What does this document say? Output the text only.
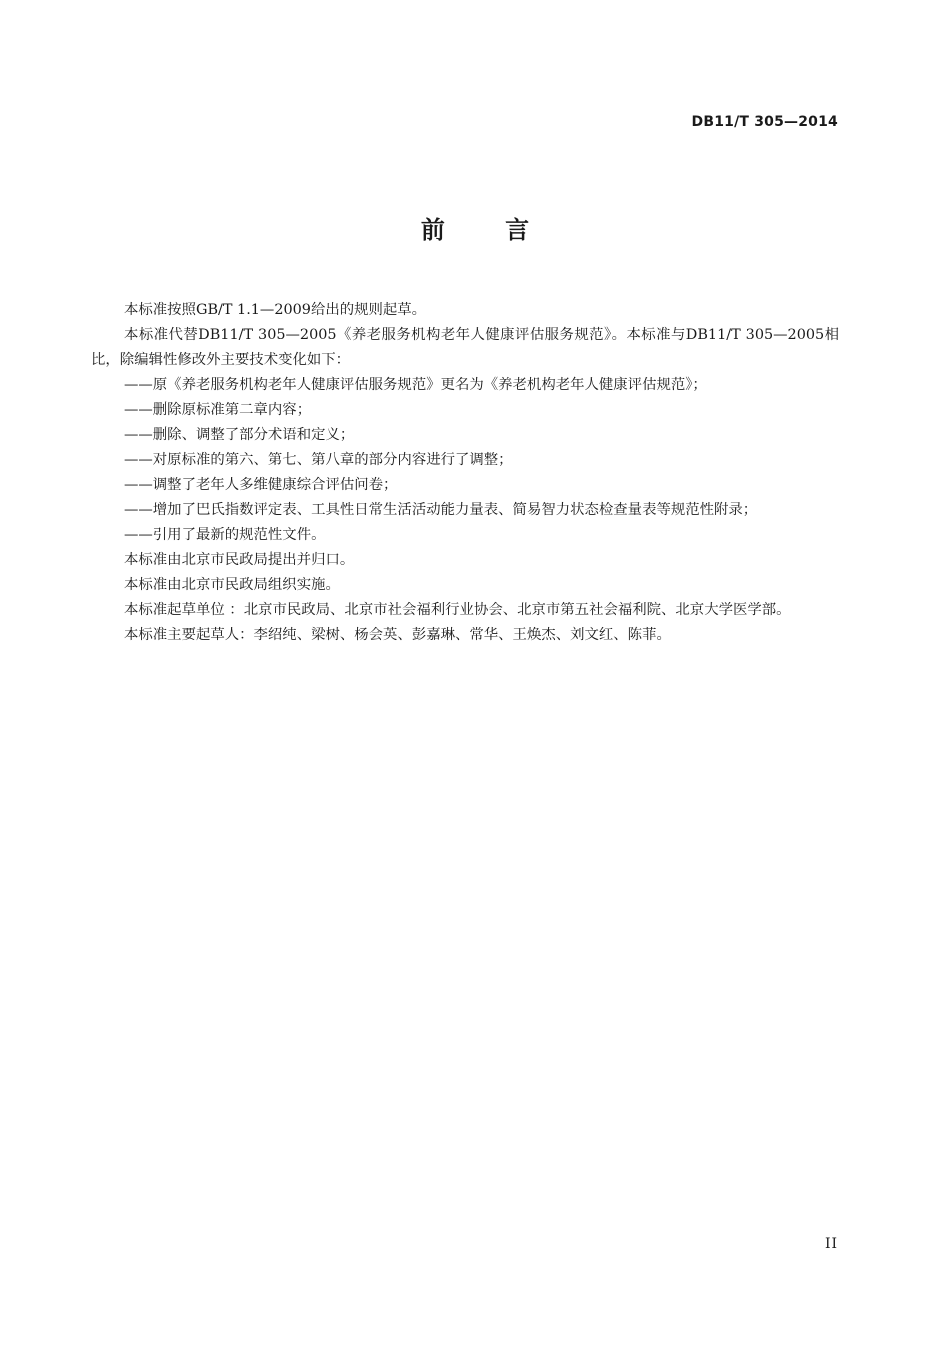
DB11/T 305—2014
前 言

本标准按照GB/T 1.1—2009给出的规则起草。

本标准代替DB11/T 305—2005《养老服务机构老年人健康评估服务规范》。本标准与DB11/T 305—2005相比，除编辑性修改外主要技术变化如下：

——原《养老服务机构老年人健康评估服务规范》更名为《养老机构老年人健康评估规范》；

——删除原标准第二章内容；

——删除、调整了部分术语和定义；

——对原标准的第六、第七、第八章的部分内容进行了调整；

——调整了老年人多维健康综合评估问卷；

——增加了巴氏指数评定表、工具性日常生活活动能力量表、简易智力状态检查量表等规范性附录；

——引用了最新的规范性文件。

本标准由北京市民政局提出并归口。

本标准由北京市民政局组织实施。

本标准起草单位 ：北京市民政局、北京市社会福利行业协会、北京市第五社会福利院、北京大学医学部。

本标准主要起草人：李绍纯、梁树、杨会英、彭嘉琳、常华、王焕杰、刘文红、陈菲。

II
